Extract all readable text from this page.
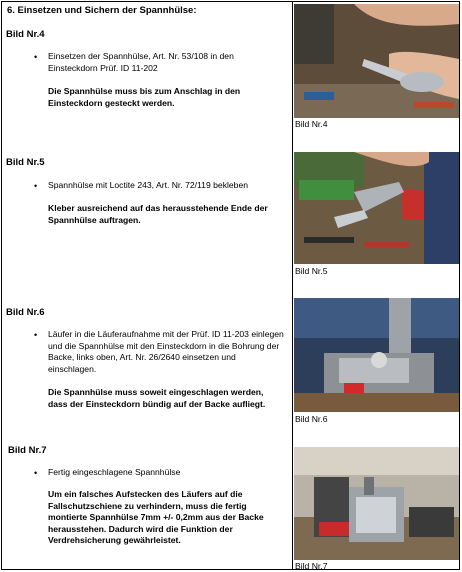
6. Einsetzen und Sichern der Spannhülse:
Bild Nr.4
• Einsetzen der Spannhülse, Art. Nr. 53/108 in den Einsteckdorn Prüf. ID 11-202
Die Spannhülse muss bis zum Anschlag in den Einsteckdorn gesteckt werden.
Bild Nr.5
• Spannhülse mit Loctite 243, Art. Nr. 72/119 bekleben
Kleber ausreichend auf das herausstehende Ende der Spannhülse auftragen.
Bild Nr.6
• Läufer in die Läuferaufnahme mit der Prüf. ID 11-203 einlegen und die Spannhülse mit den Einsteckdorn in die Bohrung der Backe, links oben, Art. Nr. 26/2640 einsetzen und einschlagen.
Die Spannhülse muss soweit eingeschlagen werden, dass der Einsteckdorn bündig auf der Backe aufliegt.
Bild Nr.7
• Fertig eingeschlagene Spannhülse
Um ein falsches Aufstecken des Läufers auf die Fallschutzschiene zu verhindern, muss die fertig montierte Spannhülse 7mm +/- 0,2mm aus der Backe herausstehen. Dadurch wird die Funktion der Verdrehsicherung gewährleistet.
Bild Nr.4
Bild Nr.5
Bild Nr.6
Bild Nr.7
